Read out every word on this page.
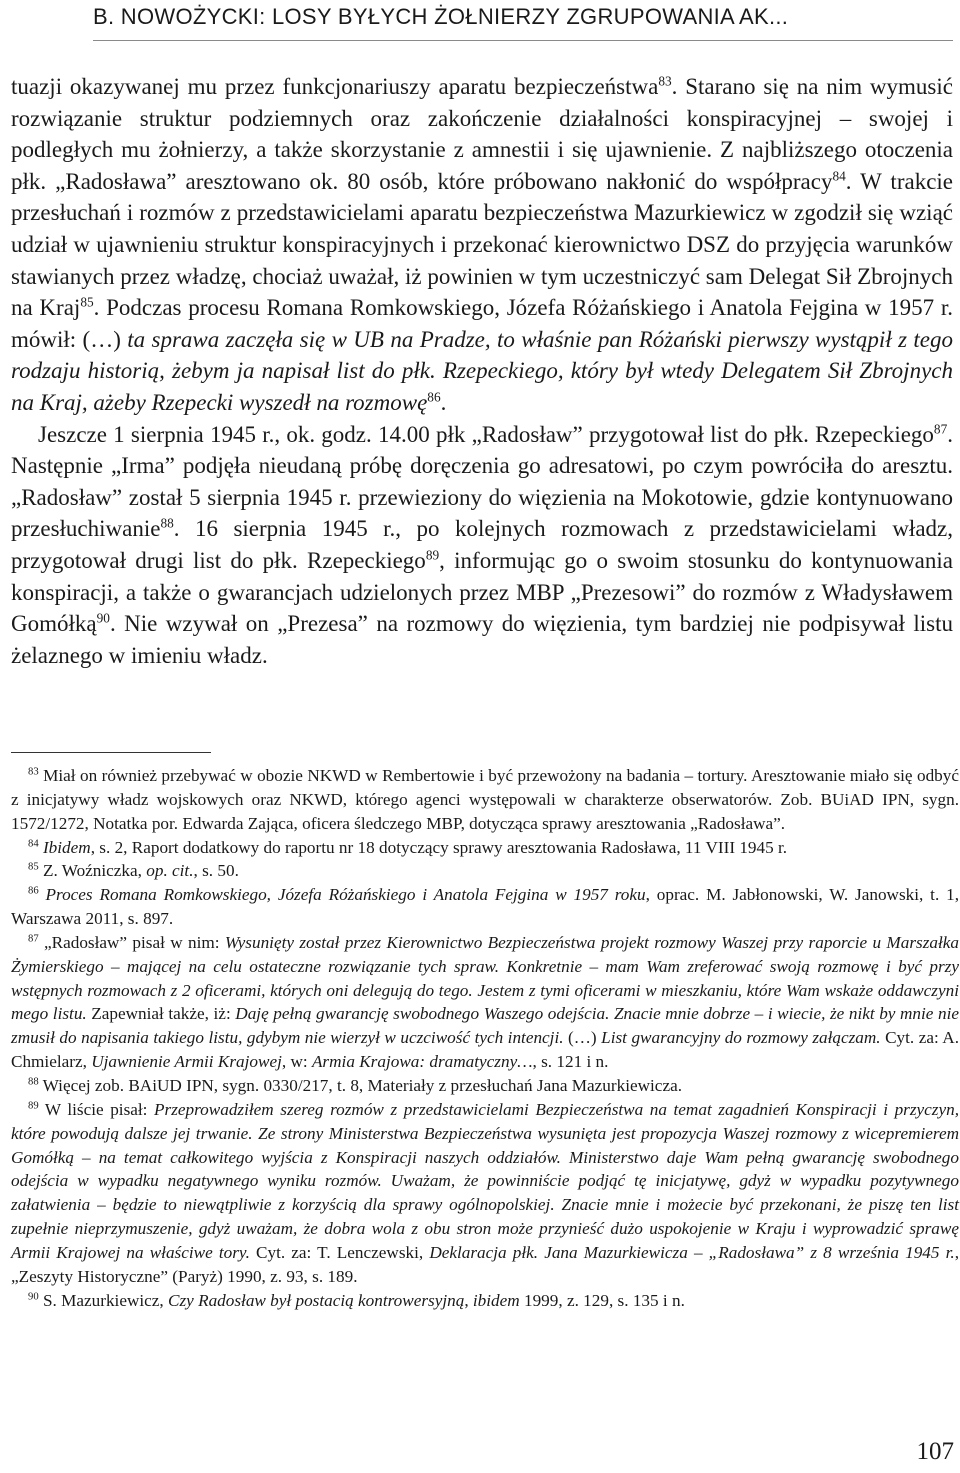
B. NOWOŻYCKI: LOSY BYŁYCH ŻOŁNIERZY ZGRUPOWANIA AK...

tuazji okazywanej mu przez funkcjonariuszy aparatu bezpieczeństwa$^{83}$. Starano się na nim wymusić rozwiązanie struktur podziemnych oraz zakończenie działalności konspiracyjnej – swojej i podległych mu żołnierzy, a także skorzystanie z amnestii i się ujawnienie. Z najbliższego otoczenia płk. „Radosława” aresztowano ok. 80 osób, które próbowano nakłonić do współpracy$^{84}$. W trakcie przesłuchań i rozmów z przedstawicielami aparatu bezpieczeństwa Mazurkiewicz w zgodził się wziąć udział w ujawnieniu struktur konspiracyjnych i przekonać kierownictwo DSZ do przyjęcia warunków stawianych przez władzę, chociaż uważał, iż powinien w tym uczestniczyć sam Delegat Sił Zbrojnych na Kraj$^{85}$. Podczas procesu Romana Romkowskiego, Józefa Różańskiego i Anatola Fejgina w 1957 r. mówił: (…) ta sprawa zaczęła się w UB na Pradze, to właśnie pan Różański pierwszy wystąpił z tego rodzaju historią, żebym ja napisał list do płk. Rzepeckiego, który był wtedy Delegatem Sił Zbrojnych na Kraj, ażeby Rzepecki wyszedł na rozmowę$^{86}$.

Jeszcze 1 sierpnia 1945 r., ok. godz. 14.00 płk „Radosław” przygotował list do płk. Rzepeckiego$^{87}$. Następnie „Irma” podjęła nieudaną próbę doręczenia go adresatowi, po czym powróciła do aresztu. „Radosław” został 5 sierpnia 1945 r. przewieziony do więzienia na Mokotowie, gdzie kontynuowano przesłuchiwanie$^{88}$. 16 sierpnia 1945 r., po kolejnych rozmowach z przedstawicielami władz, przygotował drugi list do płk. Rzepeckiego$^{89}$, informując go o swoim stosunku do kontynuowania konspiracji, a także o gwarancjach udzielonych przez MBP „Prezesowi” do rozmów z Władysławem Gomółką$^{90}$. Nie wzywał on „Prezesa” na rozmowy do więzienia, tym bardziej nie podpisywał listu żelaznego w imieniu władz.

$^{83}$ Miał on również przebywać w obozie NKWD w Rembertowie i być przewożony na badania – tortury. Aresztowanie miało się odbyć z inicjatywy władz wojskowych oraz NKWD, którego agenci występowali w charakterze obserwatorów. Zob. BUiAD IPN, sygn. 1572/1272, Notatka por. Edwarda Zająca, oficera śledczego MBP, dotycząca sprawy aresztowania „Radosława”.

$^{84}$ Ibidem, s. 2, Raport dodatkowy do raportu nr 18 dotyczący sprawy aresztowania Radosława, 11 VIII 1945 r.

$^{85}$ Z. Woźniczka, op. cit., s. 50.

$^{86}$ Proces Romana Romkowskiego, Józefa Różańskiego i Anatola Fejgina w 1957 roku, oprac. M. Jabłonowski, W. Janowski, t. 1, Warszawa 2011, s. 897.

$^{87}$ „Radosław” pisał w nim: Wysunięty został przez Kierownictwo Bezpieczeństwa projekt rozmowy Waszej przy raporcie u Marszałka Żymierskiego – mającej na celu ostateczne rozwiązanie tych spraw. Konkretnie – mam Wam zreferować swoją rozmowę i być przy wstępnych rozmowach z 2 oficerami, których oni delegują do tego. Jestem z tymi oficerami w mieszkaniu, które Wam wskaże oddawczyni mego listu. Zapewniał także, iż: Daję pełną gwarancję swobodnego Waszego odejścia. Znacie mnie dobrze – i wiecie, że nikt by mnie nie zmusił do napisania takiego listu, gdybym nie wierzył w uczciwość tych intencji. (…) List gwarancyjny do rozmowy załączam. Cyt. za: A. Chmielarz, Ujawnienie Armii Krajowej, w: Armia Krajowa: dramatyczny…, s. 121 i n.

$^{88}$ Więcej zob. BAiUD IPN, sygn. 0330/217, t. 8, Materiały z przesłuchań Jana Mazurkiewicza.

$^{89}$ W liście pisał: Przeprowadziłem szereg rozmów z przedstawicielami Bezpieczeństwa na temat zagadnień Konspiracji i przyczyn, które powodują dalsze jej trwanie. Ze strony Ministerstwa Bezpieczeństwa wysunięta jest propozycja Waszej rozmowy z wicepremierem Gomółką – na temat całkowitego wyjścia z Konspiracji naszych oddziałów. Ministerstwo daje Wam pełną gwarancję swobodnego odejścia w wypadku negatywnego wyniku rozmów. Uważam, że powinniście podjąć tę inicjatywę, gdyż w wypadku pozytywnego załatwienia – będzie to niewątpliwie z korzyścią dla sprawy ogólnopolskiej. Znacie mnie i możecie być przekonani, że piszę ten list zupełnie nieprzymuszenie, gdyż uważam, że dobra wola z obu stron może przynieść dużo uspokojenie w Kraju i wyprowadzić sprawę Armii Krajowej na właściwe tory. Cyt. za: T. Lenczewski, Deklaracja płk. Jana Mazurkiewicza – „Radosława” z 8 września 1945 r., „Zeszyty Historyczne” (Paryż) 1990, z. 93, s. 189.

$^{90}$ S. Mazurkiewicz, Czy Radosław był postacią kontrowersyjną, ibidem 1999, z. 129, s. 135 i n.

107
